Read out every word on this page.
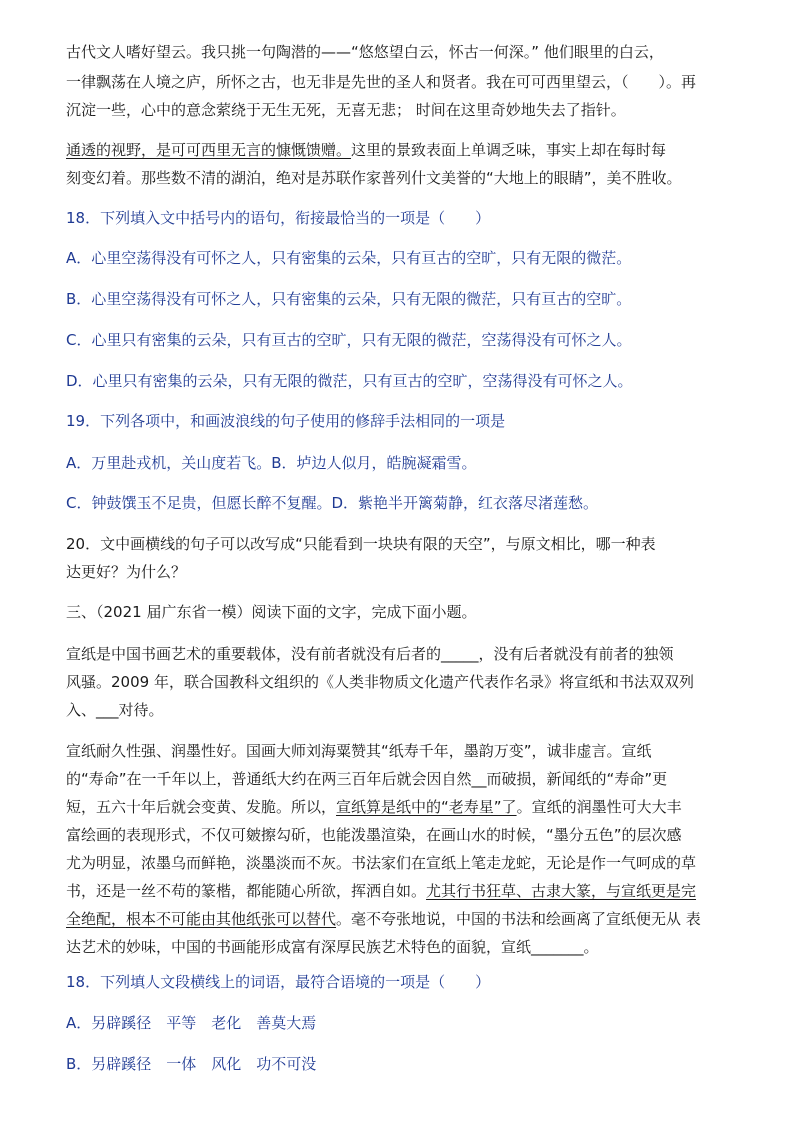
古代文人嗜好望云。我只挑一句陶潜的——“悠悠望白云，怀古一何深。” 他们眼里的白云，
一律飘荡在人境之庐，所怀之古，也无非是先世的圣人和贤者。我在可可西里望云，（　　）。再
沉淀一些，心中的意念萦绕于无生无死，无喜无悲； 时间在这里奇妙地失去了指针。
通透的视野，是可可西里无言的慷慨馈赠。这里的景致表面上单调乏味，事实上却在每时每
刻变幻着。那些数不清的湖泊，绝对是苏联作家普列什文美誉的“大地上的眼睛”，美不胜收。
18．下列填入文中括号内的语句，衔接最恰当的一项是（　　）
A．心里空荡得没有可怀之人，只有密集的云朵，只有亘古的空旷，只有无限的微茫。
B．心里空荡得没有可怀之人，只有密集的云朵，只有无限的微茫，只有亘古的空旷。
C．心里只有密集的云朵，只有亘古的空旷，只有无限的微茫，空荡得没有可怀之人。
D．心里只有密集的云朵，只有无限的微茫，只有亘古的空旷，空荡得没有可怀之人。
19．下列各项中，和画波浪线的句子使用的修辞手法相同的一项是
A．万里赴戎机，关山度若飞。B．垆边人似月，皓腕凝霜雪。
C．钟鼓馔玉不足贵，但愿长醉不复醒。D．紫艳半开篱菊静，红衣落尽渚莲愁。
20．文中画横线的句子可以改写成“只能看到一块块有限的天空”，与原文相比，哪一种表
达更好？为什么？
三、（2021 届广东省一模）阅读下面的文字，完成下面小题。
宣纸是中国书画艺术的重要载体，没有前者就没有后者的_____，没有后者就没有前者的独领
风骚。2009 年，联合国教科文组织的《人类非物质文化遗产代表作名录》将宣纸和书法双双列
入、___对待。
宣纸耐久性强、润墨性好。国画大师刘海粟赞其“纸寿千年，墨韵万变”，诚非虚言。宣纸
的“寿命”在一千年以上，普通纸大约在两三百年后就会因自然__而破损，新闻纸的“寿命”更
短，五六十年后就会变黄、发脆。所以，宣纸算是纸中的“老寿星”了。宣纸的润墨性可大大丰
富绘画的表现形式，不仅可皴擦勾斫，也能泼墨渲染，在画山水的时候，“墨分五色”的层次感
尤为明显，浓墨乌而鲜艳，淡墨淡而不灰。书法家们在宣纸上笔走龙蛇，无论是作一气呵成的草
书，还是一丝不苟的篆楷，都能随心所欲，挥洒自如。尤其行书狂草、古隶大篆，与宣纸更是完
全绝配，根本不可能由其他纸张可以替代。毫不夸张地说，中国的书法和绘画离了宣纸便无从 表
达艺术的妙味，中国的书画能形成富有深厚民族艺术特色的面貌，宣纸_______。
18．下列填人文段横线上的词语，最符合语境的一项是（　　）
A．另辟蹊径　平等　老化　善莫大焉
B．另辟蹊径　一体　风化　功不可没
